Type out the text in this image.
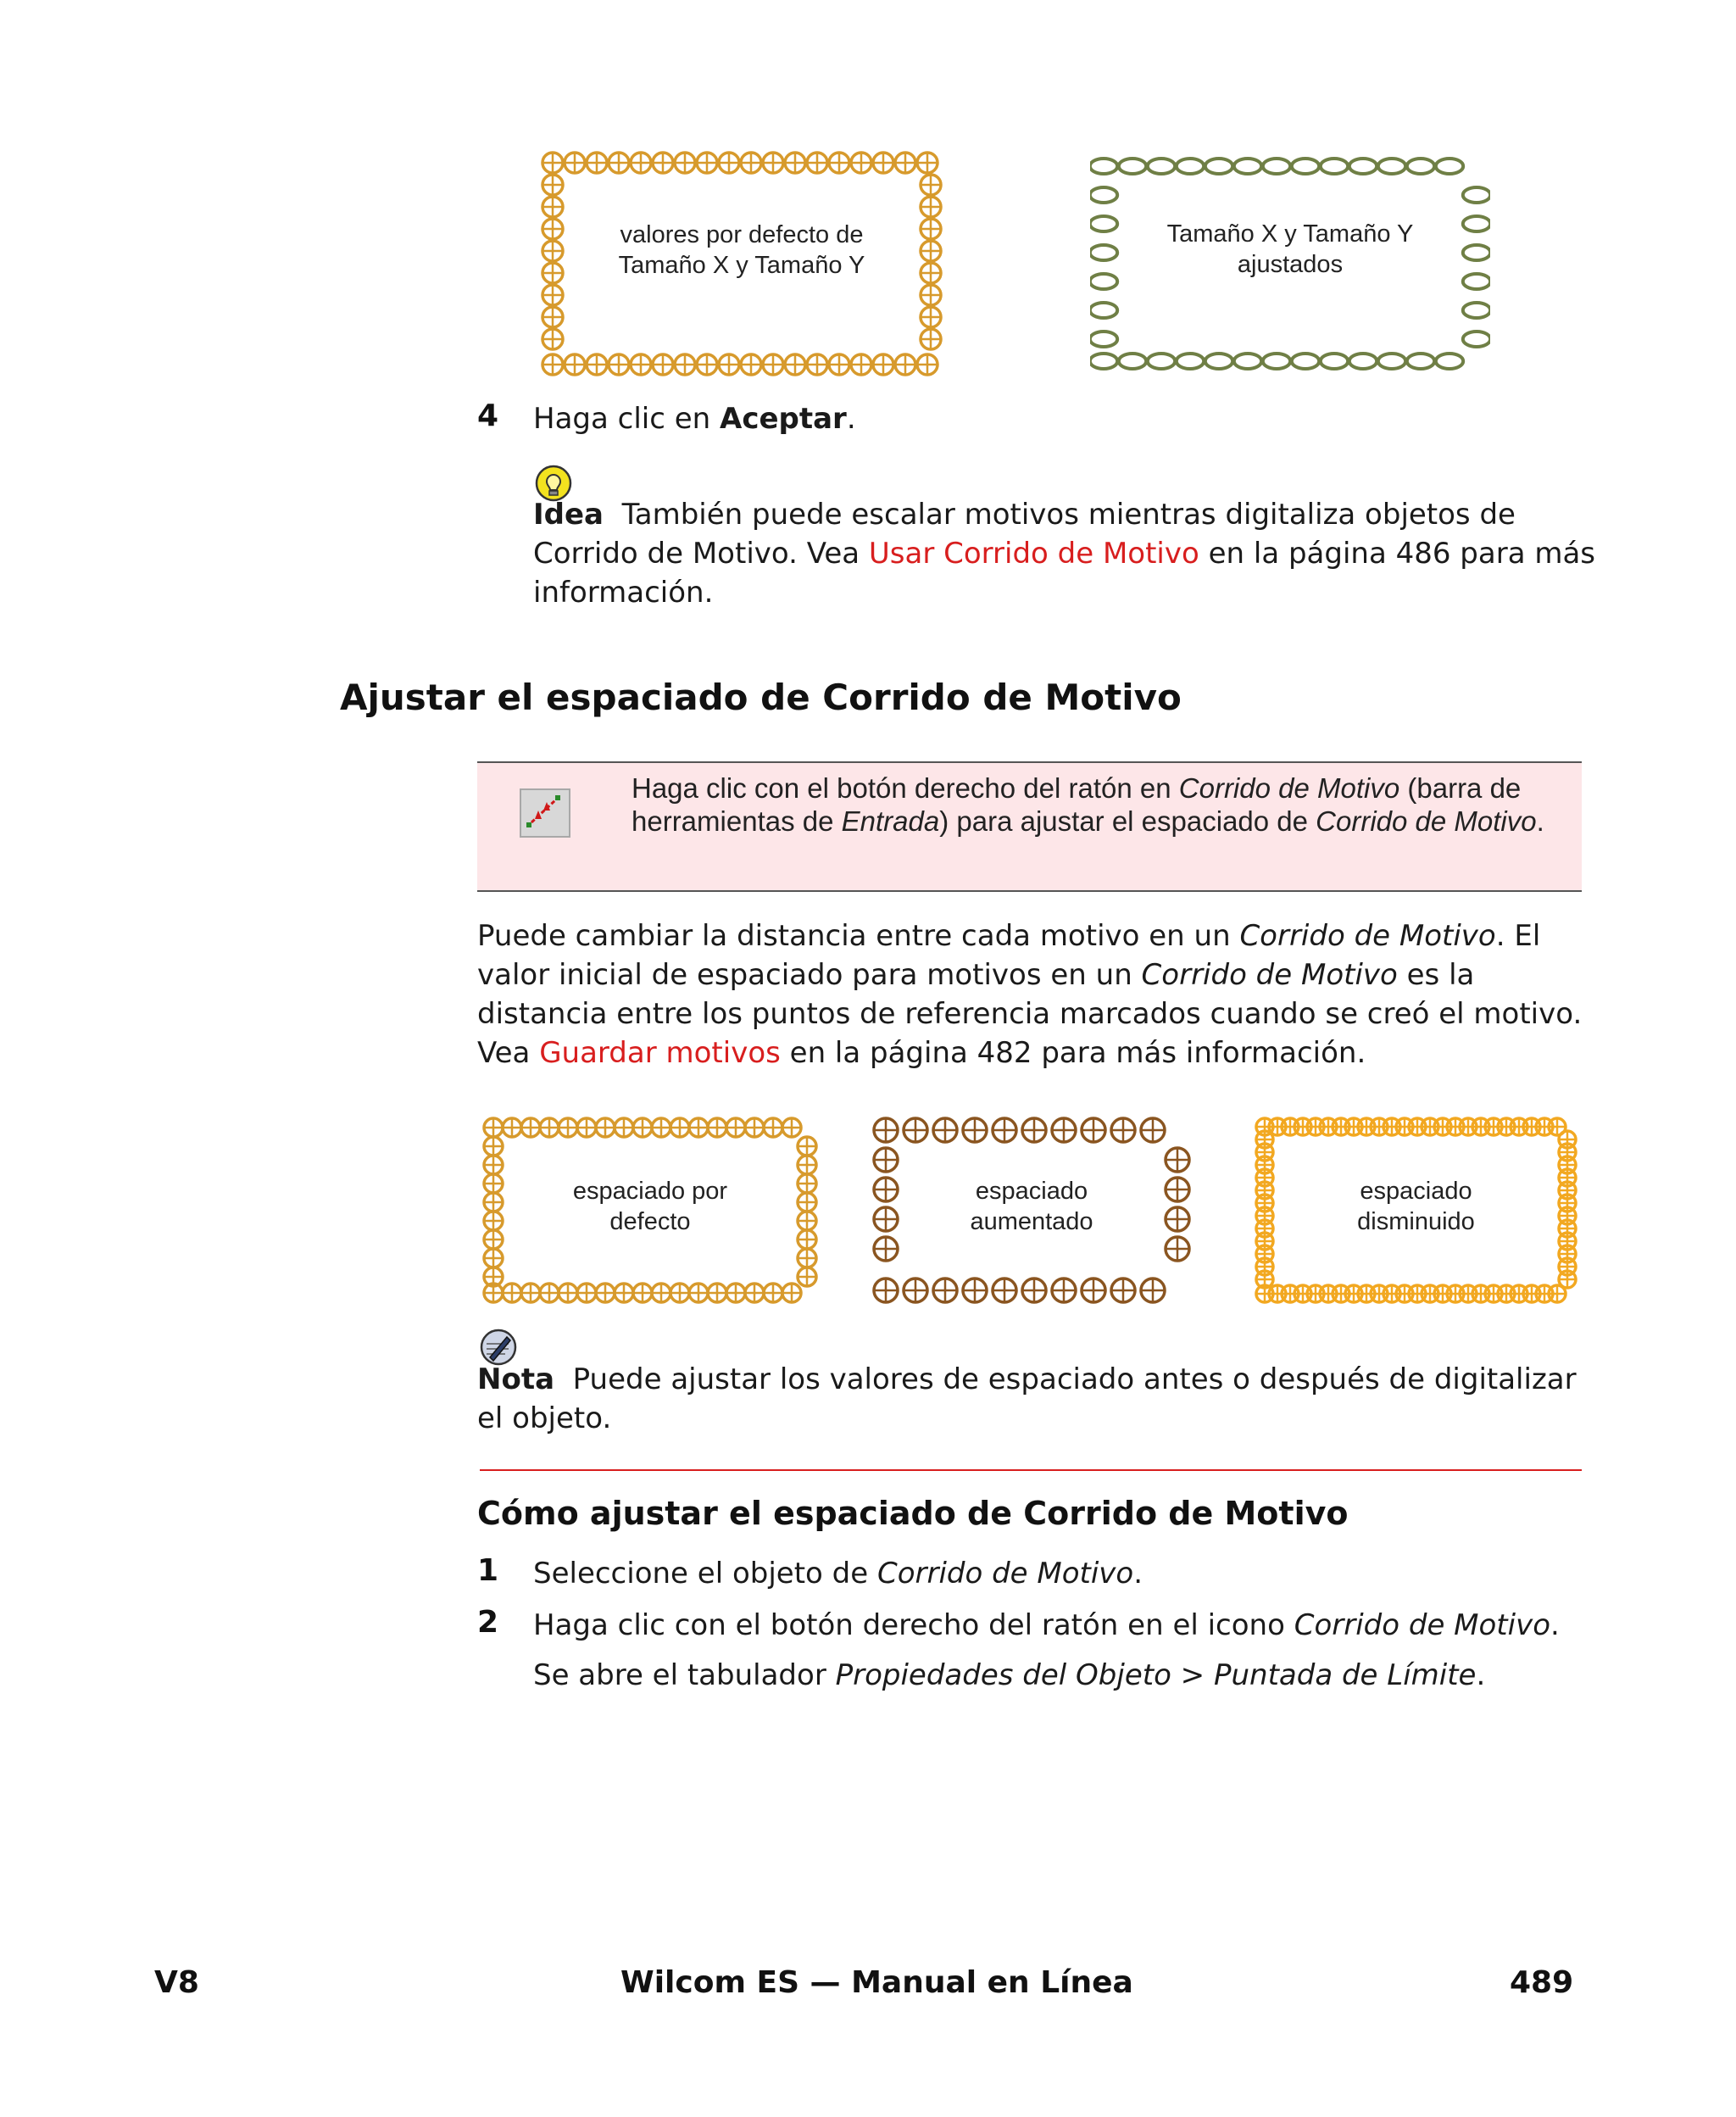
valores por defecto de
Tamaño X y Tamaño Y
Tamaño X y Tamaño Y
ajustados
4 Haga clic en Aceptar.
Idea También puede escalar motivos mientras digitaliza objetos de Corrido de Motivo. Vea Usar Corrido de Motivo en la página 486 para más información.
Ajustar el espaciado de Corrido de Motivo
Haga clic con el botón derecho del ratón en Corrido de Motivo (barra de herramientas de Entrada) para ajustar el espaciado de Corrido de Motivo.
Puede cambiar la distancia entre cada motivo en un Corrido de Motivo. El valor inicial de espaciado para motivos en un Corrido de Motivo es la distancia entre los puntos de referencia marcados cuando se creó el motivo. Vea Guardar motivos en la página 482 para más información.
espaciado por
defecto
espaciado
aumentado
espaciado
disminuido
Nota Puede ajustar los valores de espaciado antes o después de digitalizar el objeto.
Cómo ajustar el espaciado de Corrido de Motivo
1 Seleccione el objeto de Corrido de Motivo.
2 Haga clic con el botón derecho del ratón en el icono Corrido de Motivo.
Se abre el tabulador Propiedades del Objeto > Puntada de Límite.
V8	Wilcom ES — Manual en Línea	489
